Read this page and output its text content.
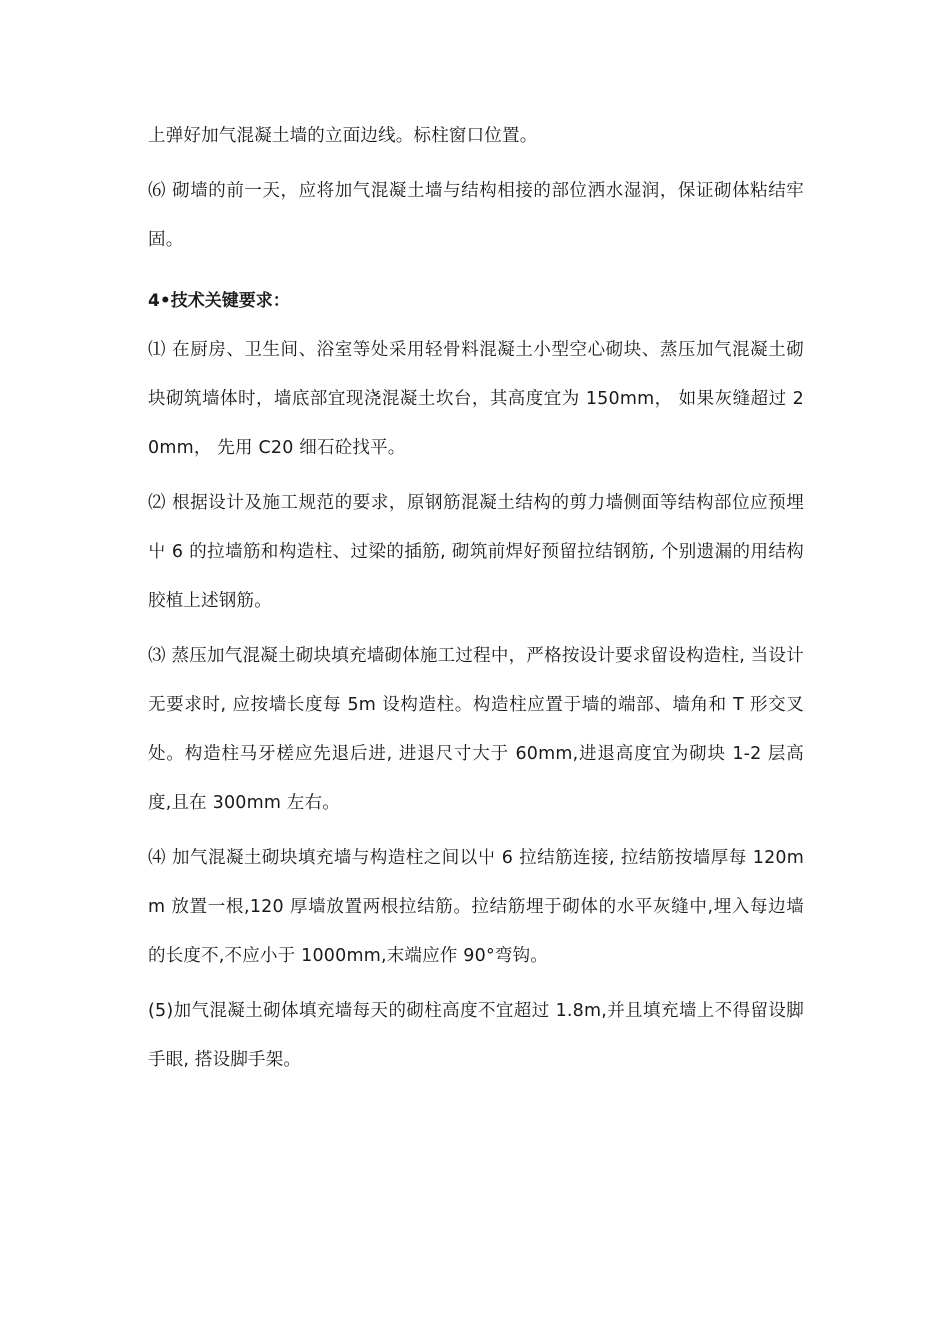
上弹好加气混凝土墙的立面边线。标柱窗口位置。

⑹ 砌墙的前一天，应将加气混凝土墙与结构相接的部位洒水湿润，保证砌体粘结牢固。

4•技术关键要求：

⑴ 在厨房、卫生间、浴室等处采用轻骨料混凝土小型空心砌块、蒸压加气混凝土砌块砌筑墙体时，墙底部宜现浇混凝土坎台，其高度宜为 150mm， 如果灰缝超过 20mm， 先用 C20 细石砼找平。

⑵ 根据设计及施工规范的要求，原钢筋混凝土结构的剪力墙侧面等结构部位应预埋屮 6 的拉墙筋和构造柱、过梁的插筋, 砌筑前焊好预留拉结钢筋, 个别遗漏的用结构胶植上述钢筋。

⑶ 蒸压加气混凝土砌块填充墙砌体施工过程中，严格按设计要求留设构造柱, 当设计无要求时, 应按墙长度每 5m 设构造柱。构造柱应置于墙的端部、墙角和 T 形交叉处。构造柱马牙槎应先退后进, 进退尺寸大于 60mm,进退高度宜为砌块 1-2 层高度,且在 300mm 左右。

⑷ 加气混凝土砌块填充墙与构造柱之间以屮 6 拉结筋连接, 拉结筋按墙厚每 120mm 放置一根,120 厚墙放置两根拉结筋。拉结筋埋于砌体的水平灰缝中,埋入每边墙的长度不,不应小于 1000mm,末端应作 90°弯钩。

(5)加气混凝土砌体填充墙每天的砌柱高度不宜超过 1.8m,并且填充墙上不得留设脚手眼, 搭设脚手架。
